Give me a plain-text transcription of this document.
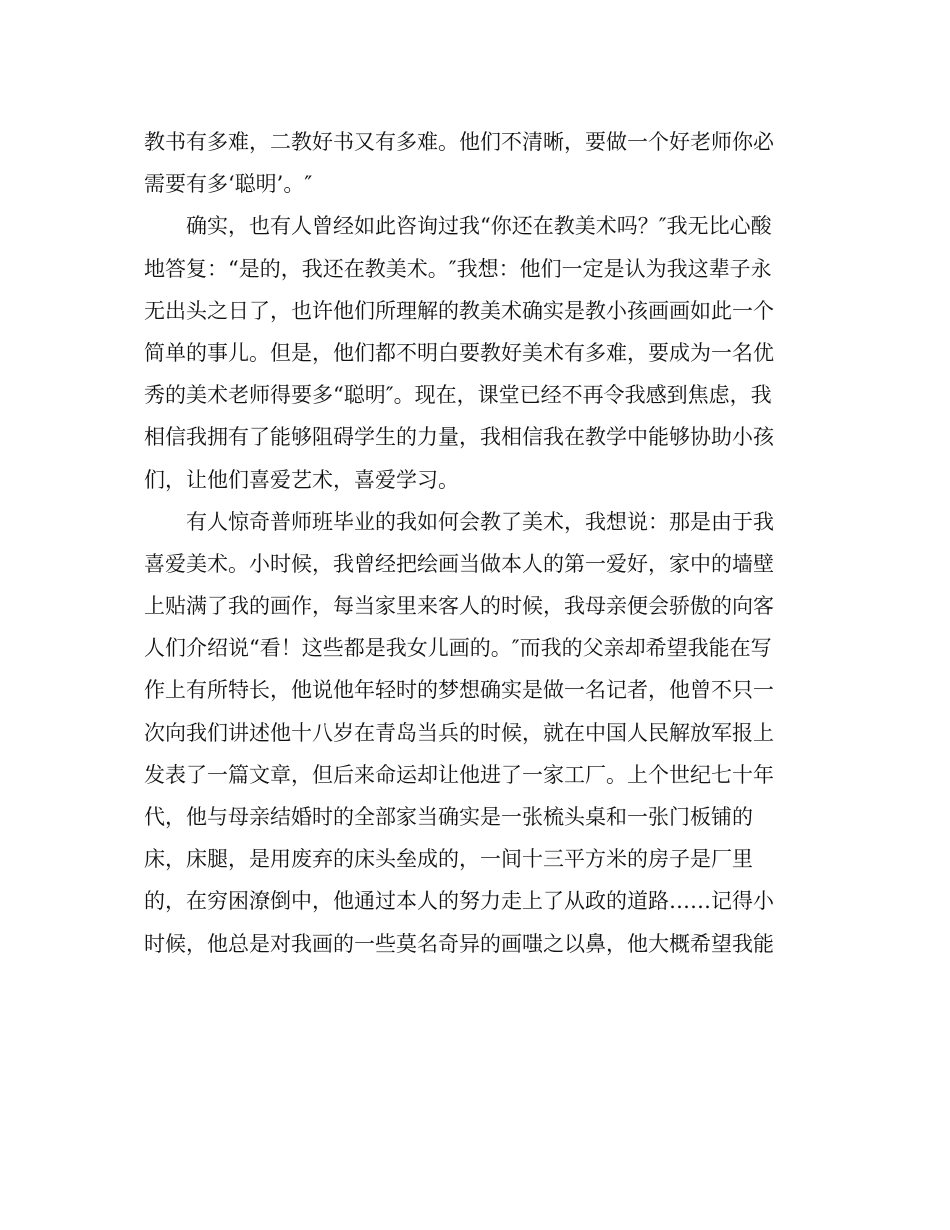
教书有多难，二教好书又有多难。他们不清晰，要做一个好老师你必
需要有多‘聪明’。″
　　确实，也有人曾经如此咨询过我“你还在教美术吗？″我无比心酸
地答复：“是的，我还在教美术。″我想：他们一定是认为我这辈子永
无出头之日了，也许他们所理解的教美术确实是教小孩画画如此一个
简单的事儿。但是，他们都不明白要教好美术有多难，要成为一名优
秀的美术老师得要多“聪明″。现在，课堂已经不再令我感到焦虑，我
相信我拥有了能够阻碍学生的力量，我相信我在教学中能够协助小孩
们，让他们喜爱艺术，喜爱学习。
　　有人惊奇普师班毕业的我如何会教了美术，我想说：那是由于我
喜爱美术。小时候，我曾经把绘画当做本人的第一爱好，家中的墙壁
上贴满了我的画作，每当家里来客人的时候，我母亲便会骄傲的向客
人们介绍说“看！这些都是我女儿画的。″而我的父亲却希望我能在写
作上有所特长，他说他年轻时的梦想确实是做一名记者，他曾不只一
次向我们讲述他十八岁在青岛当兵的时候，就在中国人民解放军报上
发表了一篇文章，但后来命运却让他进了一家工厂。上个世纪七十年
代，他与母亲结婚时的全部家当确实是一张梳头桌和一张门板铺的
床，床腿，是用废弃的床头垒成的，一间十三平方米的房子是厂里
的，在穷困潦倒中，他通过本人的努力走上了从政的道路……记得小
时候，他总是对我画的一些莫名奇异的画嗤之以鼻，他大概希望我能
